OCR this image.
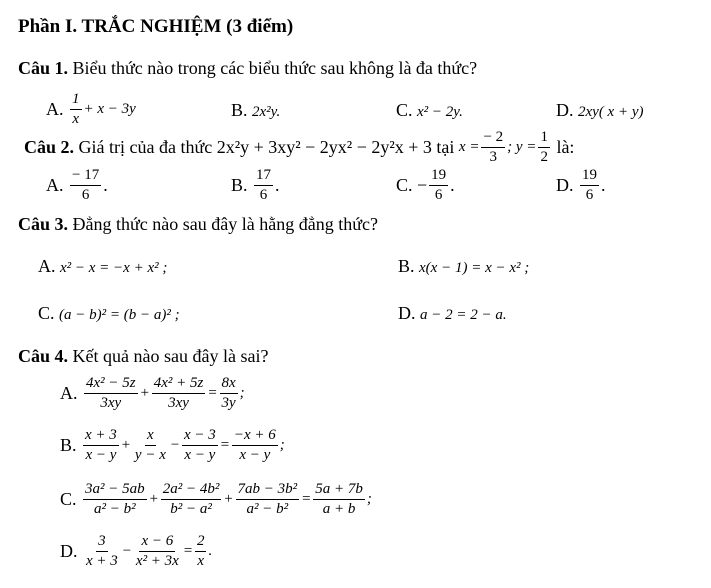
Phần I. TRẮC NGHIỆM (3 điểm)
Câu 1. Biểu thức nào trong các biểu thức sau không là đa thức?
A.
$\frac{1}{x} + x - 3y$	B. 2x²y.	C. x² − 2y.	D. 2xy( x + y)
Câu 2.
Giá trị của đa thức 2x²y + 3xy² − 2yx² − 2y²x + 3 tại
$x = \frac{- 2}{3}$ ; $y = \frac{1}{2}$
là:
A.
$\frac{- 17}{6}$ .	B.
$\frac{17}{6}$ .	C.
− $\frac{19}{6}$ .	D.
$\frac{19}{6}$ .
Câu 3. Đẳng thức nào sau đây là hằng đẳng thức?
A. x² − x = −x + x² ;	B. x(x − 1) = x − x² ;
C. (a − b)² = (b − a)² ;	D. a − 2 = 2 − a.
Câu 4. Kết quả nào sau đây là sai?
A.
$\frac{\text{4x² − 5z}}{3xy} + \frac{\text{4x² + 5z}}{3xy} = \frac{8x}{3y}$ ;
B.
$\frac{x + 3}{x - y} + \frac{x}{y - x} - \frac{x - 3}{x - y} = \frac{-x + 6}{x - y}$ ;
C.
$\frac{\text{3a² − 5ab}}{\text{a² − b²}} + \frac{\text{2a² − 4b²}}{\text{b² − a²}} + \frac{\text{7ab − 3b²}}{\text{a² − b²}} = \frac{5a + 7b}{a + b}$ ;
D.
$\frac{3}{x + 3} - \frac{x - 6}{\text{x² + 3x}} = \frac{2}{x}$ .
